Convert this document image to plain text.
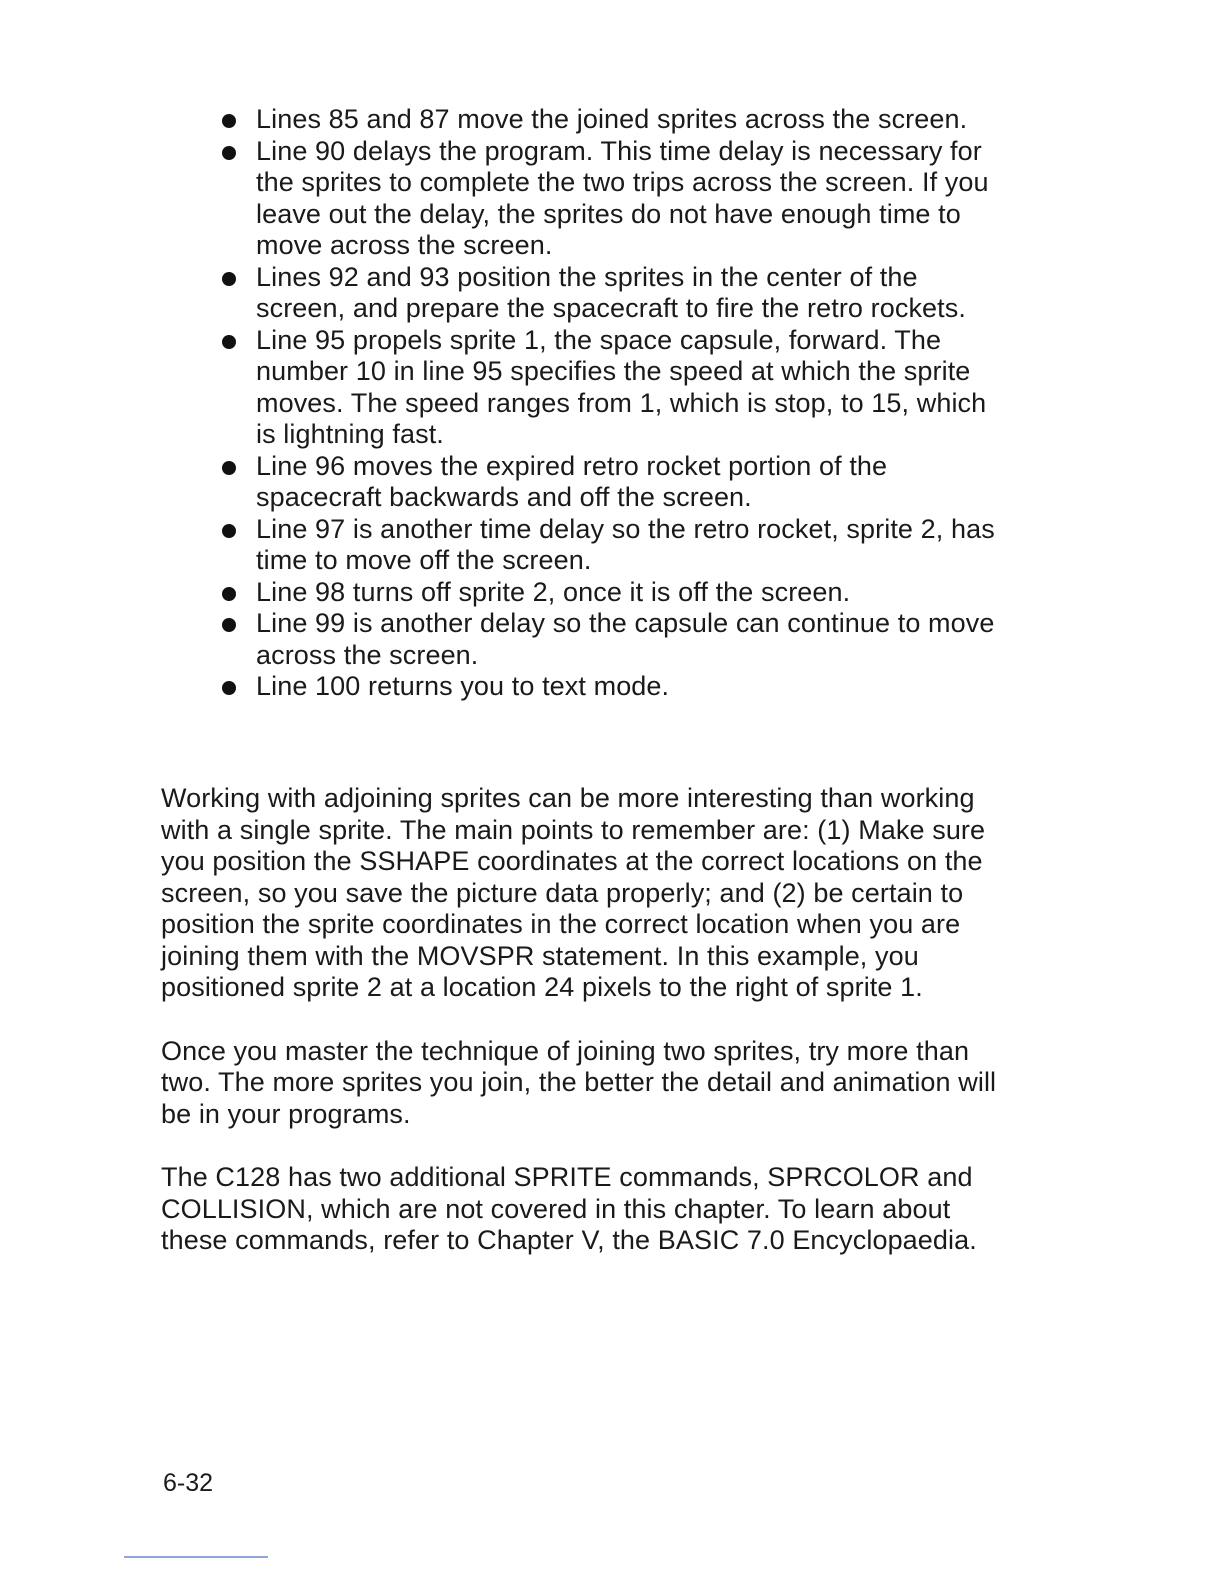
Lines 85 and 87 move the joined sprites across the screen.
Line 90 delays the program. This time delay is necessary for the sprites to complete the two trips across the screen. If you leave out the delay, the sprites do not have enough time to move across the screen.
Lines 92 and 93 position the sprites in the center of the screen, and prepare the spacecraft to fire the retro rockets.
Line 95 propels sprite 1, the space capsule, forward. The number 10 in line 95 specifies the speed at which the sprite moves. The speed ranges from 1, which is stop, to 15, which is lightning fast.
Line 96 moves the expired retro rocket portion of the spacecraft backwards and off the screen.
Line 97 is another time delay so the retro rocket, sprite 2, has time to move off the screen.
Line 98 turns off sprite 2, once it is off the screen.
Line 99 is another delay so the capsule can continue to move across the screen.
Line 100 returns you to text mode.

Working with adjoining sprites can be more interesting than working with a single sprite. The main points to remember are: (1) Make sure you position the SSHAPE coordinates at the correct locations on the screen, so you save the picture data properly; and (2) be certain to position the sprite coordinates in the correct location when you are joining them with the MOVSPR statement. In this example, you positioned sprite 2 at a location 24 pixels to the right of sprite 1.

Once you master the technique of joining two sprites, try more than two. The more sprites you join, the better the detail and animation will be in your programs.

The C128 has two additional SPRITE commands, SPRCOLOR and COLLISION, which are not covered in this chapter. To learn about these commands, refer to Chapter V, the BASIC 7.0 Encyclopaedia.

6-32
